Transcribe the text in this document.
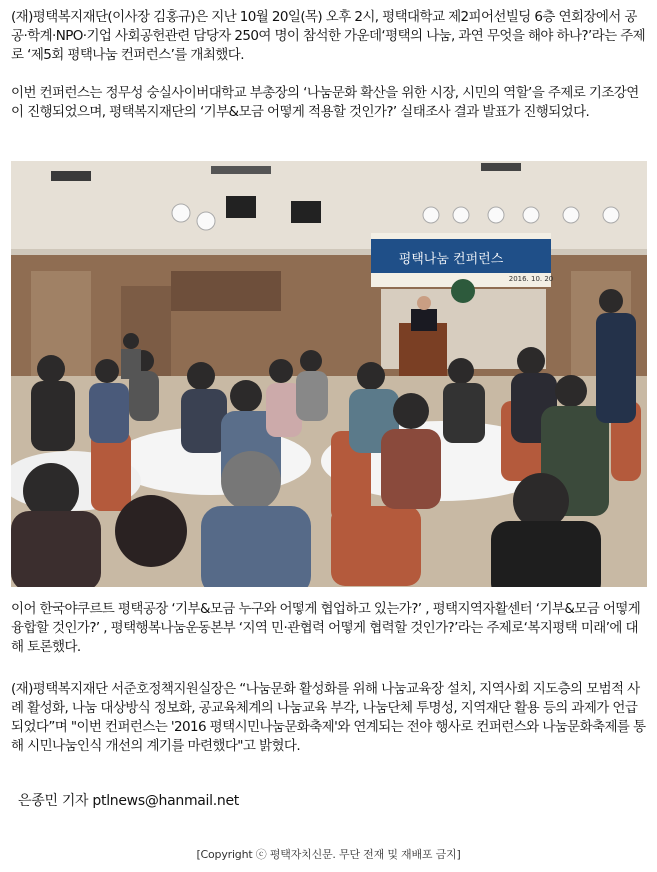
(재)평택복지재단(이사장 김홍규)은 지난 10월 20일(목) 오후 2시, 평택대학교 제2피어선빌딩 6층 연회장에서 공공·학계·NPO·기업 사회공헌관련 담당자 250여 명이 참석한 가운데‘평택의 나눔, 과연 무엇을 해야 하나?’라는 주제로 ‘제5회 평택나눔 컨퍼런스’를 개최했다.

이번 컨퍼런스는 정무성 숭실사이버대학교 부총장의 ‘나눔문화 확산을 위한 시장, 시민의 역할’을 주제로 기조강연이 진행되었으며, 평택복지재단의 ‘기부&모금 어떻게 적용할 것인가?’ 실태조사 결과 발표가 진행되었다.

평택나눔 컨퍼런스
2016. 10. 20

이어 한국야쿠르트 평택공장 ‘기부&모금 누구와 어떻게 협업하고 있는가?’ , 평택지역자활센터 ‘기부&모금 어떻게 융합할 것인가?’ , 평택행복나눔운동본부 ‘지역 민·관협력 어떻게 협력할 것인가?’라는 주제로‘복지평택 미래’에 대해 토론했다.

(재)평택복지재단 서준호정책지원실장은 “나눔문화 활성화를 위해 나눔교육장 설치, 지역사회 지도층의 모범적 사례 활성화, 나눔 대상방식 정보화, 공교육체계의 나눔교육 부각, 나눔단체 투명성, 지역재단 활용 등의 과제가 언급되었다”며 "이번 컨퍼런스는 '2016 평택시민나눔문화축제'와 연계되는 전야 행사로 컨퍼런스와 나눔문화축제를 통해 시민나눔인식 개선의 계기를 마련했다"고 밝혔다.

은종민 기자 ptlnews@hanmail.net
[Copyright ⓒ 평택자치신문. 무단 전재 및 재배포 금지]
